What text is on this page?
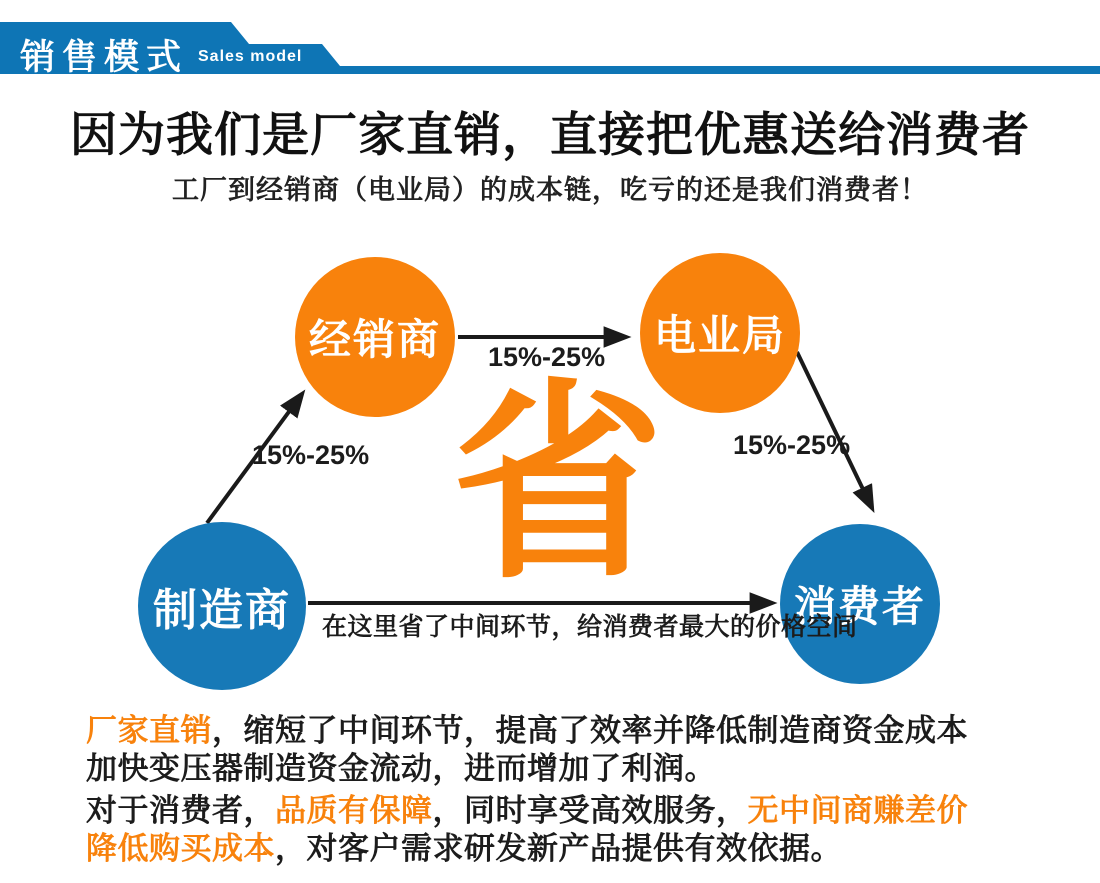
销售模式 Sales model
因为我们是厂家直销，直接把优惠送给消费者
工厂到经销商（电业局）的成本链，吃亏的还是我们消费者！
经销商	电业局
制造商	消费者
省
15%-25%
15%-25%
15%-25%
在这里省了中间环节，给消费者最大的价格空间
厂家直销，缩短了中间环节，提高了效率并降低制造商资金成本
加快变压器制造资金流动，进而增加了利润。
对于消费者，品质有保障，同时享受高效服务，无中间商赚差价
降低购买成本，对客户需求研发新产品提供有效依据。
